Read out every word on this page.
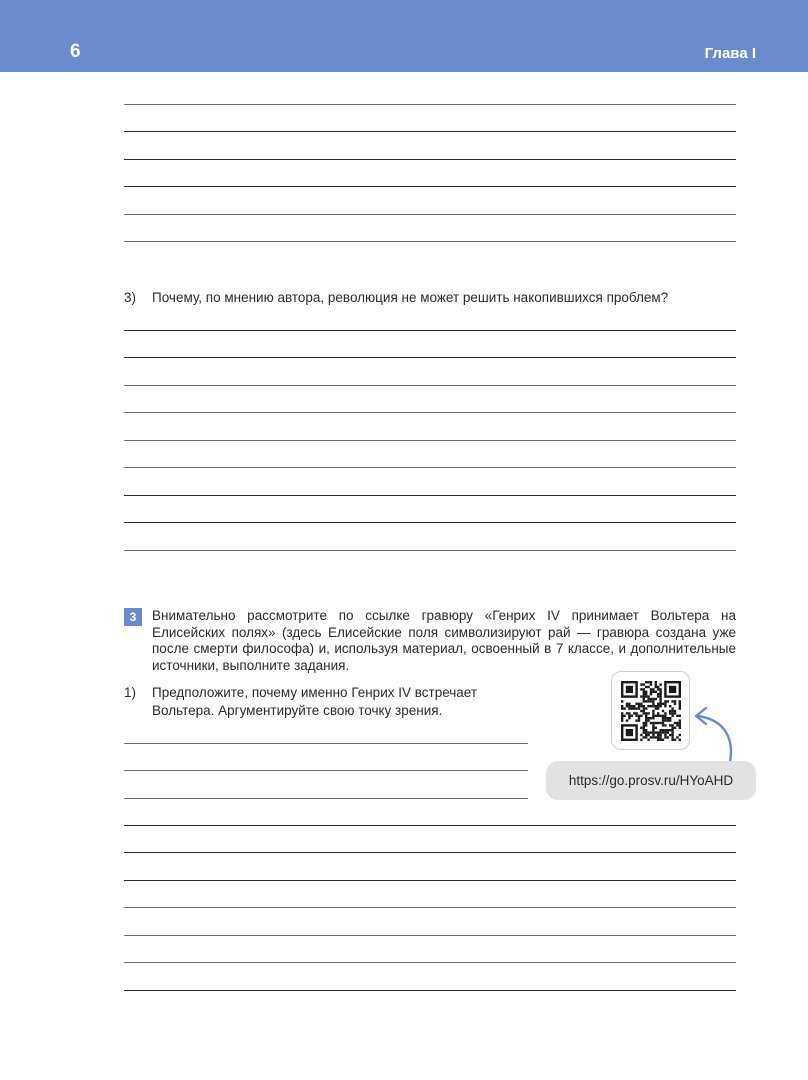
6	Глава I
3) Почему, по мнению автора, революция не может решить накопившихся проблем?
3	Внимательно рассмотрите по ссылке гравюру «Генрих IV принимает Вольтера на Елисейских полях» (здесь Елисейские поля символизируют рай — гравюра создана уже после смерти философа) и, используя материал, освоенный в 7 классе, и дополнительные источники, выполните задания.
1) Предположите, почему именно Генрих IV встречает Вольтера. Аргументируйте свою точку зрения.
https://go.prosv.ru/HYoAHD
